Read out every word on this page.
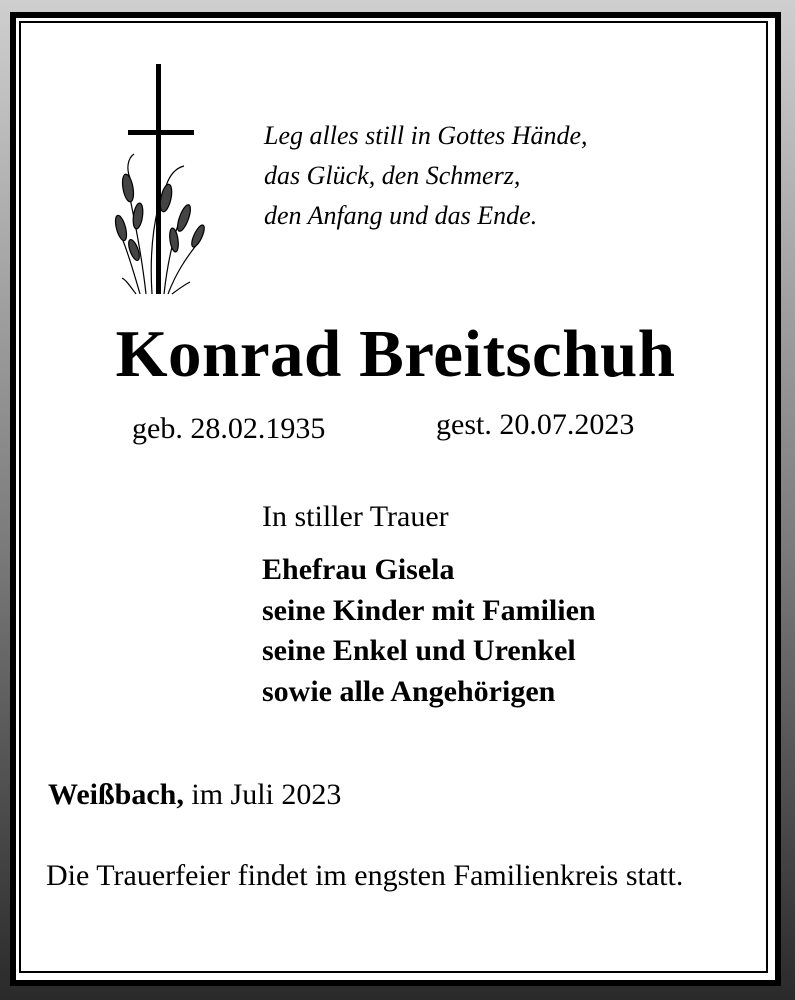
Leg alles still in Gottes Hände,
das Glück, den Schmerz,
den Anfang und das Ende.
Konrad Breitschuh
geb. 28.02.1935	gest. 20.07.2023
In stiller Trauer
Ehefrau Gisela
seine Kinder mit Familien
seine Enkel und Urenkel
sowie alle Angehörigen
Weißbach, im Juli 2023
Die Trauerfeier findet im engsten Familienkreis statt.
